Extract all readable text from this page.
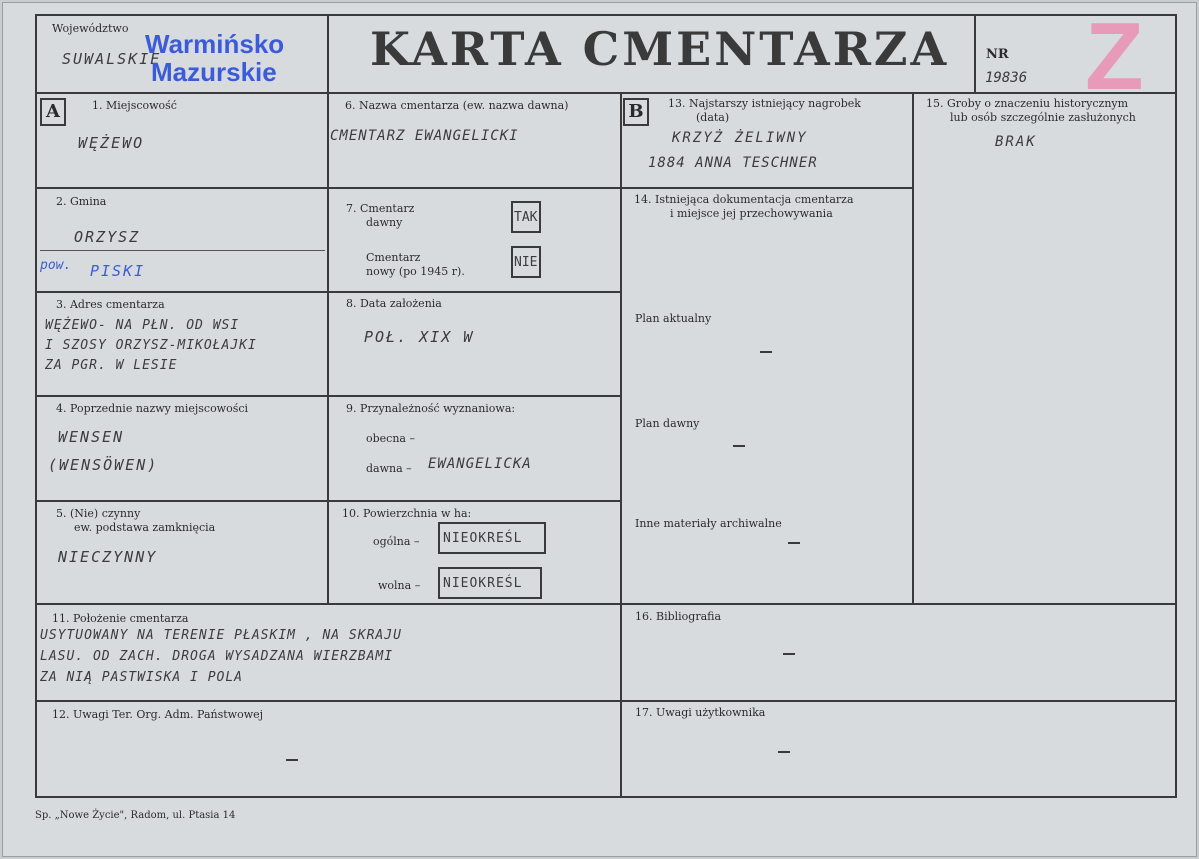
Województwo
SUWALSKIE
Warmińsko
Mazurskie KARTA CMENTARZA	NR
19836 Z
A	B
1. Miejscowość
WĘŻEWO
2. Gmina
ORZYSZ
pow. PISKI
3. Adres cmentarza
WĘŻEWO- NA PŁN. OD WSI
I SZOSY ORZYSZ-MIKOŁAJKI
ZA PGR. W LESIE
4. Poprzednie nazwy miejscowości
WENSEN
(WENSÖWEN)
5. (Nie) czynny
ew. podstawa zamknięcia
NIECZYNNY
6. Nazwa cmentarza (ew. nazwa dawna)
CMENTARZ EWANGELICKI
7. Cmentarz
dawny
Cmentarz
nowy (po 1945 r).
TAK
NIE
8. Data założenia
POŁ. XIX W
9. Przynależność wyznaniowa:
obecna –
dawna – EWANGELICKA
10. Powierzchnia w ha:
ogólna –
wolna –
NIEOKREŚL
NIEOKREŚL
11. Położenie cmentarza
USYTUOWANY NA TERENIE PŁASKIM , NA SKRAJU
LASU. OD ZACH. DROGA WYSADZANA WIERZBAMI
ZA NIĄ PASTWISKA I POLA
12. Uwagi Ter. Org. Adm. Państwowej
13. Najstarszy istniejący nagrobek
(data)
KRZYŻ ŻELIWNY
1884 ANNA TESCHNER
14. Istniejąca dokumentacja cmentarza
i miejsce jej przechowywania
Plan aktualny
Plan dawny
Inne materiały archiwalne
15. Groby o znaczeniu historycznym
lub osób szczególnie zasłużonych
BRAK
16. Bibliografia
17. Uwagi użytkownika
Sp. „Nowe Życie", Radom, ul. Ptasia 14
